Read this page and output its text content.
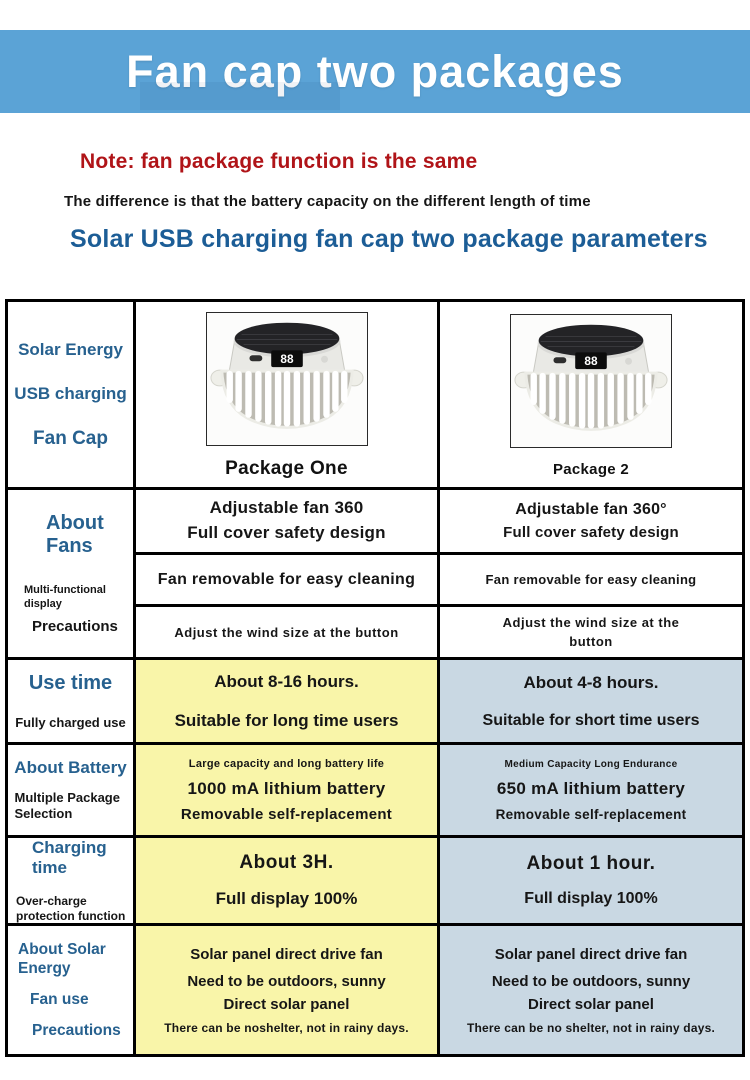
Fan cap two packages
Note: fan package function is the same
The difference is that the battery capacity on the different length of time
Solar USB charging fan cap two package parameters
Solar Energy
USB charging
Fan Cap
88
Package One
88
Package 2
About Fans
Multi-functional display
Precautions
Adjustable fan 360
Full cover safety design
Adjustable fan 360°
Full cover safety design
Fan removable for easy cleaning	Fan removable for easy cleaning
Adjust the wind size at the button
Adjust the wind size at the button
Use time
Fully charged use
About 8-16 hours.
Suitable for long time users
About 4-8 hours.
Suitable for short time users
About Battery
Multiple Package Selection
Large capacity and long battery life
1000 mA lithium battery
Removable self-replacement
Medium Capacity Long Endurance
650 mA lithium battery
Removable self-replacement
Charging time
Over-charge protection function
About 3H.
Full display 100%
About 1 hour.
Full display 100%
About Solar Energy
Fan use
Precautions
Solar panel direct drive fan
Need to be outdoors, sunny
Direct solar panel
There can be noshelter, not in rainy days.
Solar panel direct drive fan
Need to be outdoors, sunny
Direct solar panel
There can be no shelter, not in rainy days.
